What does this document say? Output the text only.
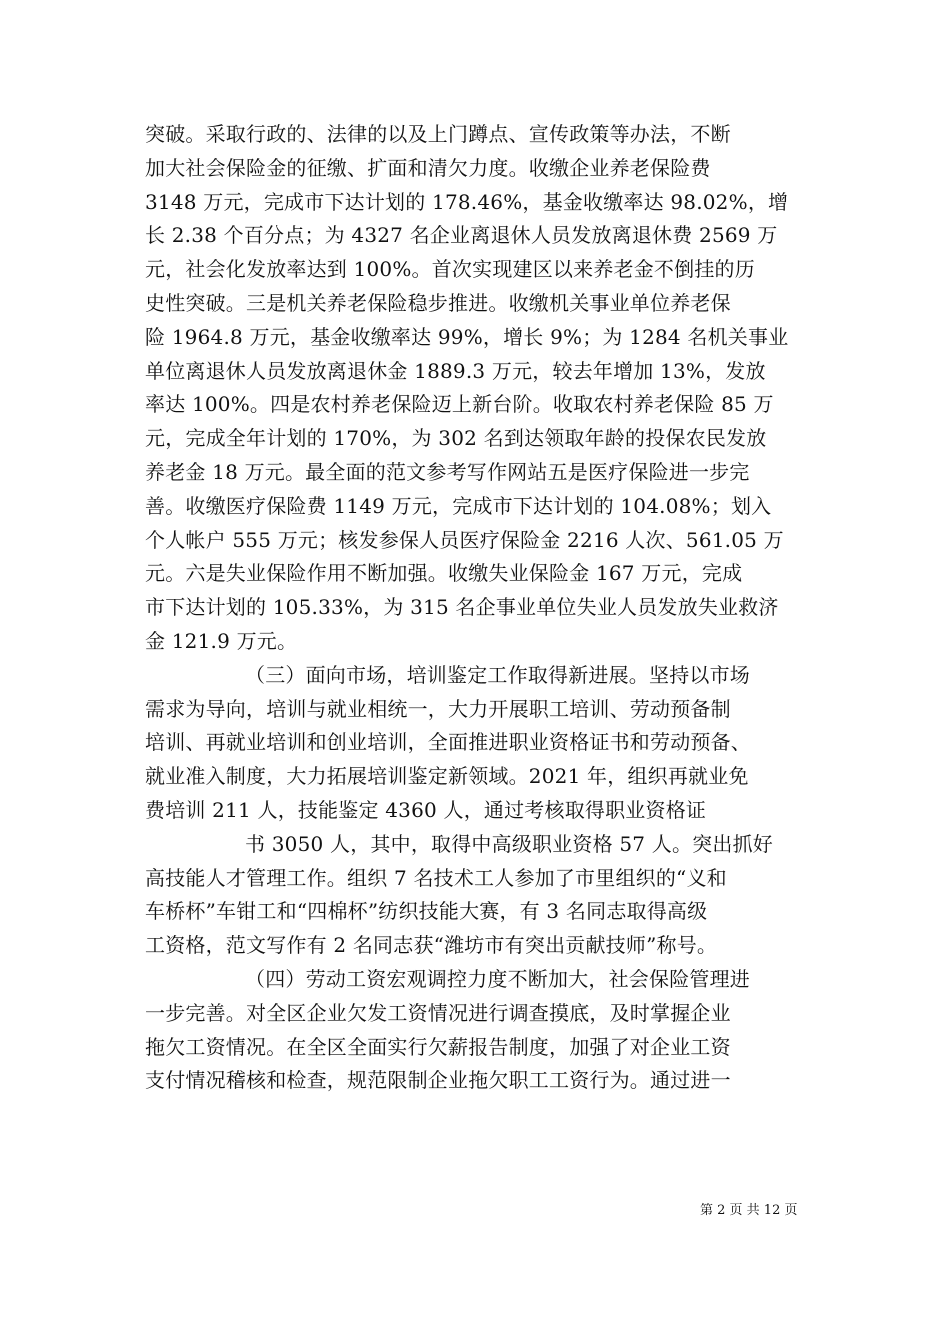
突破。采取行政的、法律的以及上门蹲点、宣传政策等办法，不断
加大社会保险金的征缴、扩面和清欠力度。收缴企业养老保险费
3148 万元，完成市下达计划的 178.46%，基金收缴率达 98.02%，增
长 2.38 个百分点；为 4327 名企业离退休人员发放离退休费 2569 万
元，社会化发放率达到 100%。首次实现建区以来养老金不倒挂的历
史性突破。三是机关养老保险稳步推进。收缴机关事业单位养老保
险 1964.8 万元，基金收缴率达 99%，增长 9%；为 1284 名机关事业
单位离退休人员发放离退休金 1889.3 万元，较去年增加 13%，发放
率达 100%。四是农村养老保险迈上新台阶。收取农村养老保险 85 万
元，完成全年计划的 170%，为 302 名到达领取年龄的投保农民发放
养老金 18 万元。最全面的范文参考写作网站五是医疗保险进一步完
善。收缴医疗保险费 1149 万元，完成市下达计划的 104.08%；划入
个人帐户 555 万元；核发参保人员医疗保险金 2216 人次、561.05 万
元。六是失业保险作用不断加强。收缴失业保险金 167 万元，完成
市下达计划的 105.33%，为 315 名企事业单位失业人员发放失业救济
金 121.9 万元。
（三）面向市场，培训鉴定工作取得新进展。坚持以市场
需求为导向，培训与就业相统一，大力开展职工培训、劳动预备制
培训、再就业培训和创业培训，全面推进职业资格证书和劳动预备、
就业准入制度，大力拓展培训鉴定新领域。2021 年，组织再就业免
费培训 211 人，技能鉴定 4360 人，通过考核取得职业资格证
书 3050 人，其中，取得中高级职业资格 57 人。突出抓好
高技能人才管理工作。组织 7 名技术工人参加了市里组织的“义和
车桥杯”车钳工和“四棉杯”纺织技能大赛，有 3 名同志取得高级
工资格，范文写作有 2 名同志获“潍坊市有突出贡献技师”称号。
（四）劳动工资宏观调控力度不断加大，社会保险管理进
一步完善。对全区企业欠发工资情况进行调查摸底，及时掌握企业
拖欠工资情况。在全区全面实行欠薪报告制度，加强了对企业工资
支付情况稽核和检查，规范限制企业拖欠职工工资行为。通过进一
第 2 页 共 12 页
